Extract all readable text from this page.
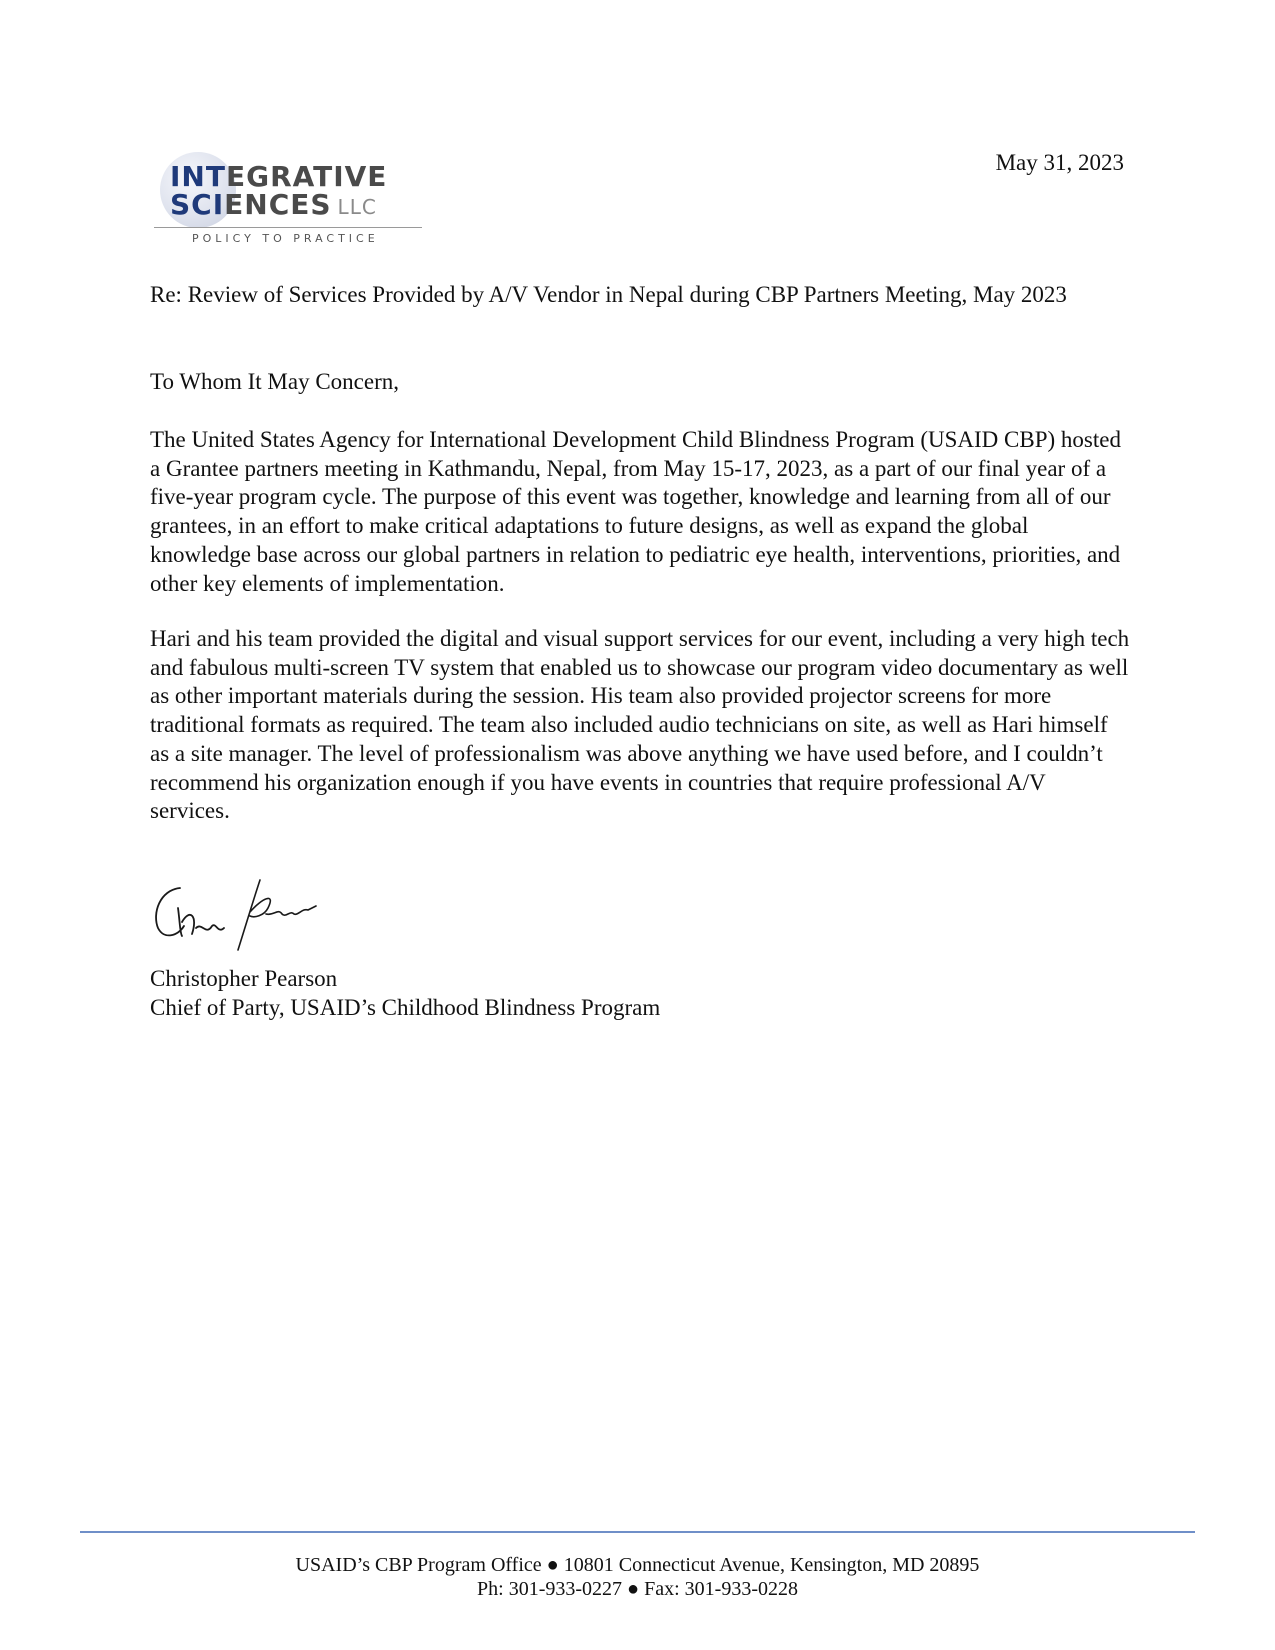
INTEGRATIVE
SCIENCES LLC
POLICY TO PRACTICE
May 31, 2023

Re: Review of Services Provided by A/V Vendor in Nepal during CBP Partners Meeting, May 2023

To Whom It May Concern,

The United States Agency for International Development Child Blindness Program (USAID CBP) hosted a Grantee partners meeting in Kathmandu, Nepal, from May 15-17, 2023, as a part of our final year of a five-year program cycle. The purpose of this event was together, knowledge and learning from all of our grantees, in an effort to make critical adaptations to future designs, as well as expand the global knowledge base across our global partners in relation to pediatric eye health, interventions, priorities, and other key elements of implementation.

Hari and his team provided the digital and visual support services for our event, including a very high tech and fabulous multi-screen TV system that enabled us to showcase our program video documentary as well as other important materials during the session. His team also provided projector screens for more traditional formats as required. The team also included audio technicians on site, as well as Hari himself as a site manager. The level of professionalism was above anything we have used before, and I couldn’t recommend his organization enough if you have events in countries that require professional A/V services.

Christopher Pearson
Chief of Party, USAID’s Childhood Blindness Program
USAID’s CBP Program Office ● 10801 Connecticut Avenue, Kensington, MD 20895
Ph: 301-933-0227 ● Fax: 301-933-0228
